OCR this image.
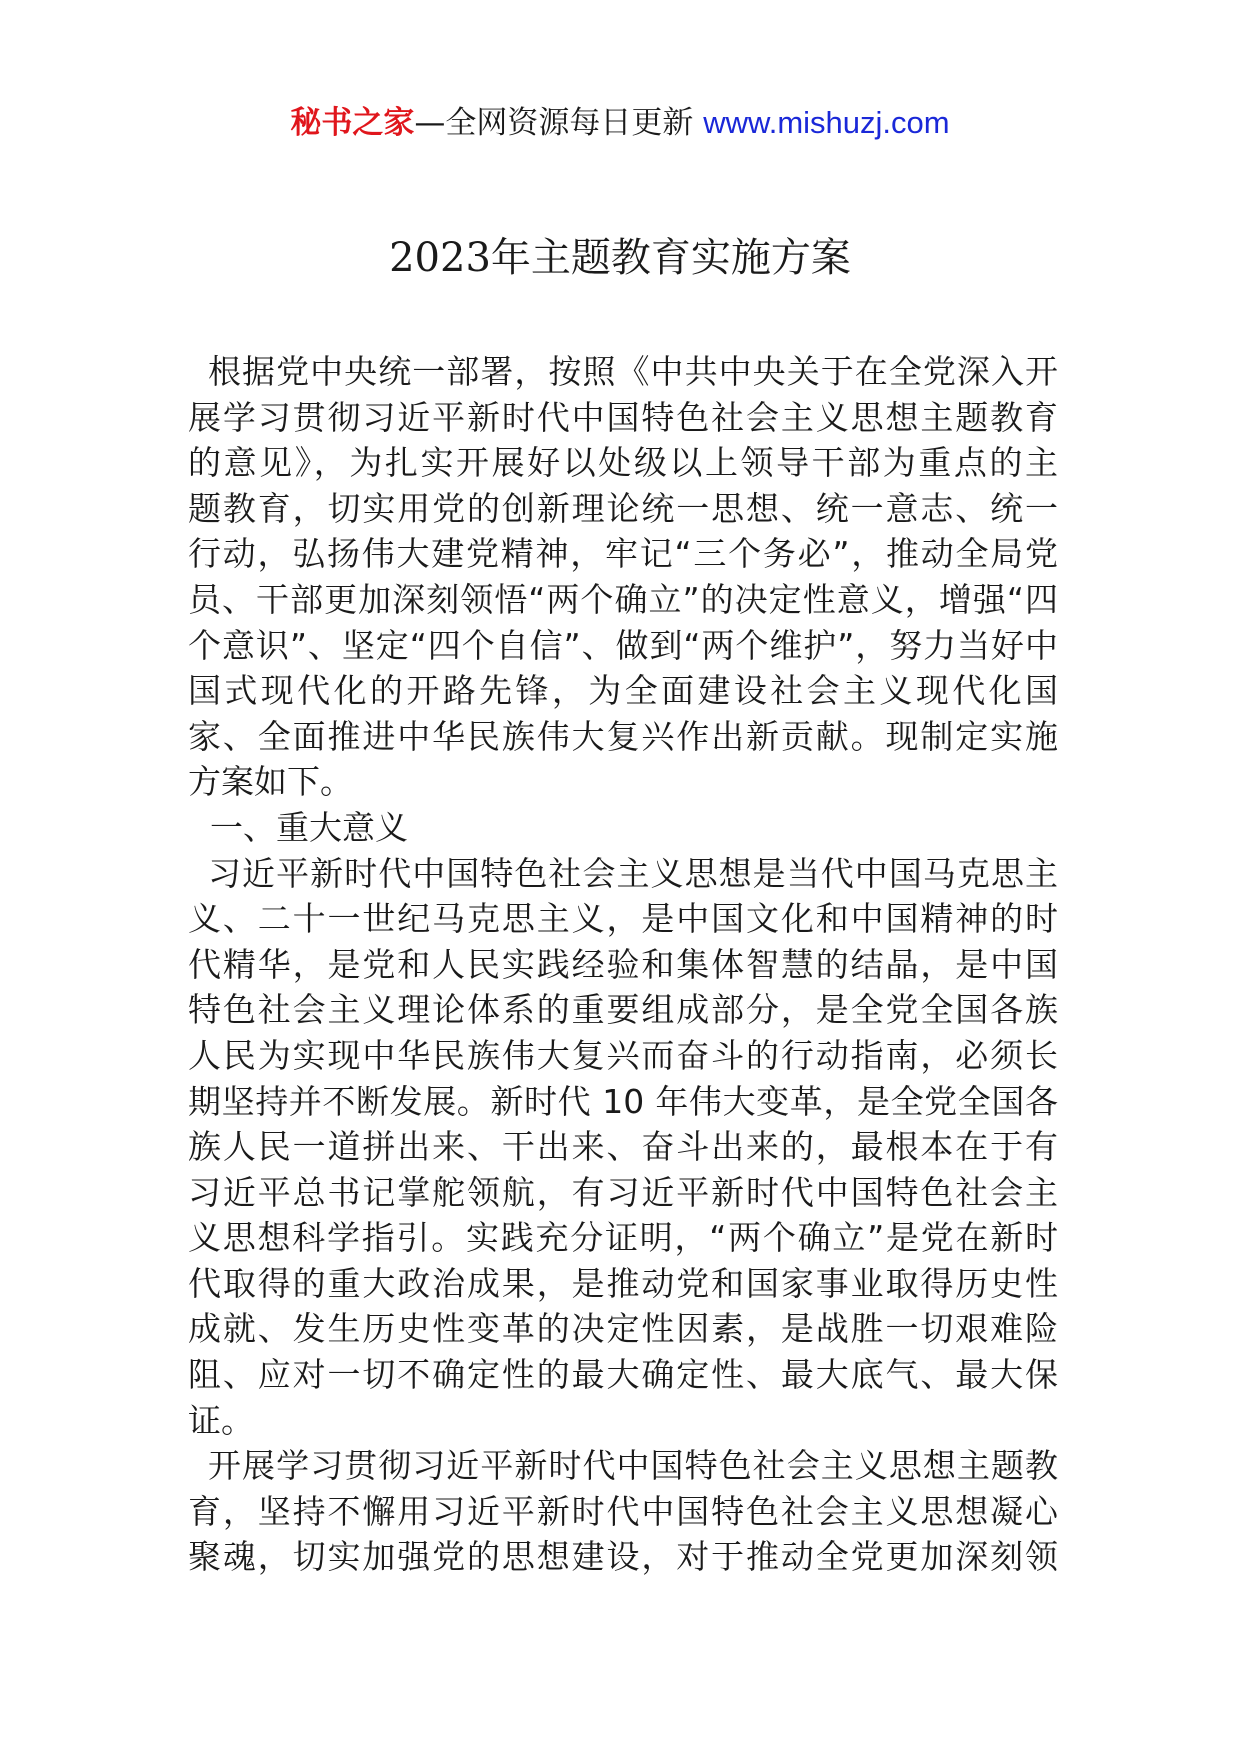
秘书之家—全网资源每日更新 www.mishuzj.com
2023年主题教育实施方案
根据党中央统一部署，按照《中共中央关于在全党深入开
展学习贯彻习近平新时代中国特色社会主义思想主题教育
的意见》，为扎实开展好以处级以上领导干部为重点的主
题教育，切实用党的创新理论统一思想、统一意志、统一
行动，弘扬伟大建党精神，牢记“三个务必”，推动全局党
员、干部更加深刻领悟“两个确立”的决定性意义，增强“四
个意识”、坚定“四个自信”、做到“两个维护”，努力当好中
国式现代化的开路先锋，为全面建设社会主义现代化国
家、全面推进中华民族伟大复兴作出新贡献。现制定实施
方案如下。
一、重大意义
习近平新时代中国特色社会主义思想是当代中国马克思主
义、二十一世纪马克思主义，是中国文化和中国精神的时
代精华，是党和人民实践经验和集体智慧的结晶，是中国
特色社会主义理论体系的重要组成部分，是全党全国各族
人民为实现中华民族伟大复兴而奋斗的行动指南，必须长
期坚持并不断发展。新时代 10 年伟大变革，是全党全国各
族人民一道拼出来、干出来、奋斗出来的，最根本在于有
习近平总书记掌舵领航，有习近平新时代中国特色社会主
义思想科学指引。实践充分证明，“两个确立”是党在新时
代取得的重大政治成果，是推动党和国家事业取得历史性
成就、发生历史性变革的决定性因素，是战胜一切艰难险
阻、应对一切不确定性的最大确定性、最大底气、最大保
证。
开展学习贯彻习近平新时代中国特色社会主义思想主题教
育，坚持不懈用习近平新时代中国特色社会主义思想凝心
聚魂，切实加强党的思想建设，对于推动全党更加深刻领
